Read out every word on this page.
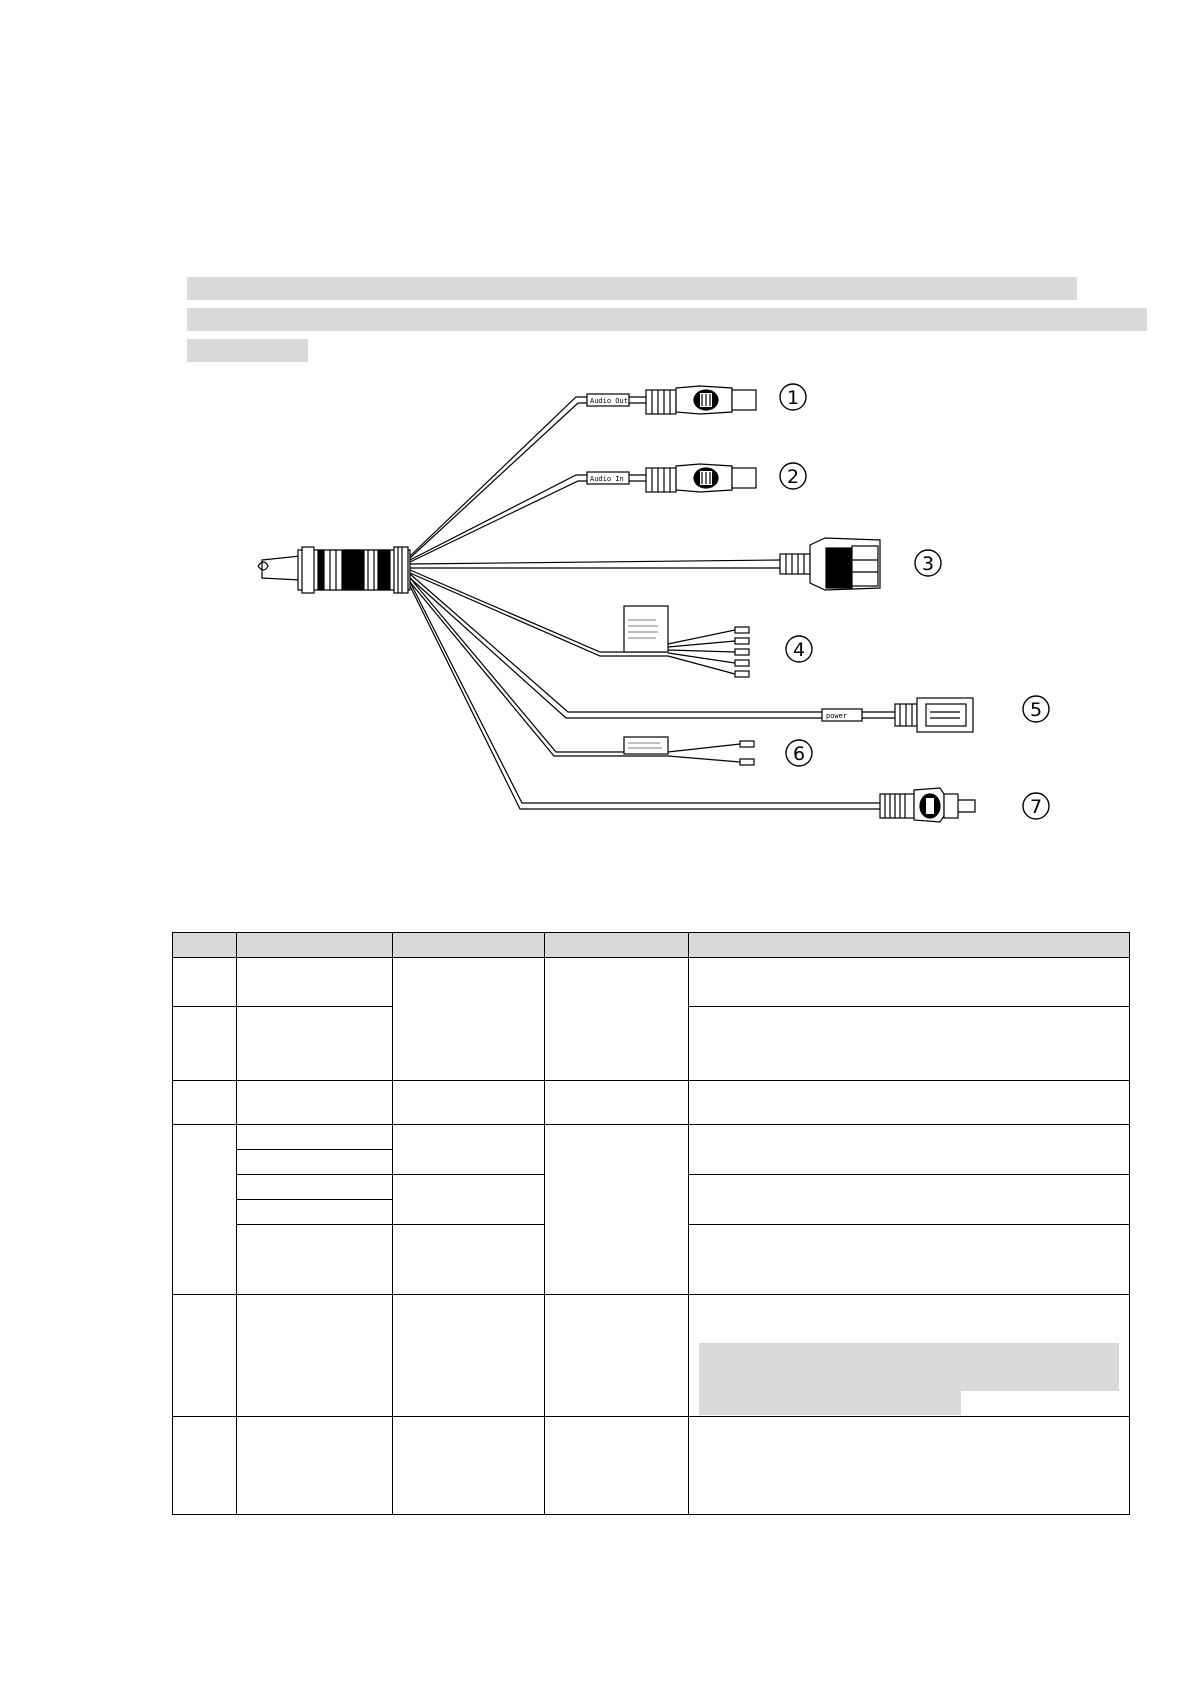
Audio Out
Audio In
power
1
2
3
4
5
6
7
